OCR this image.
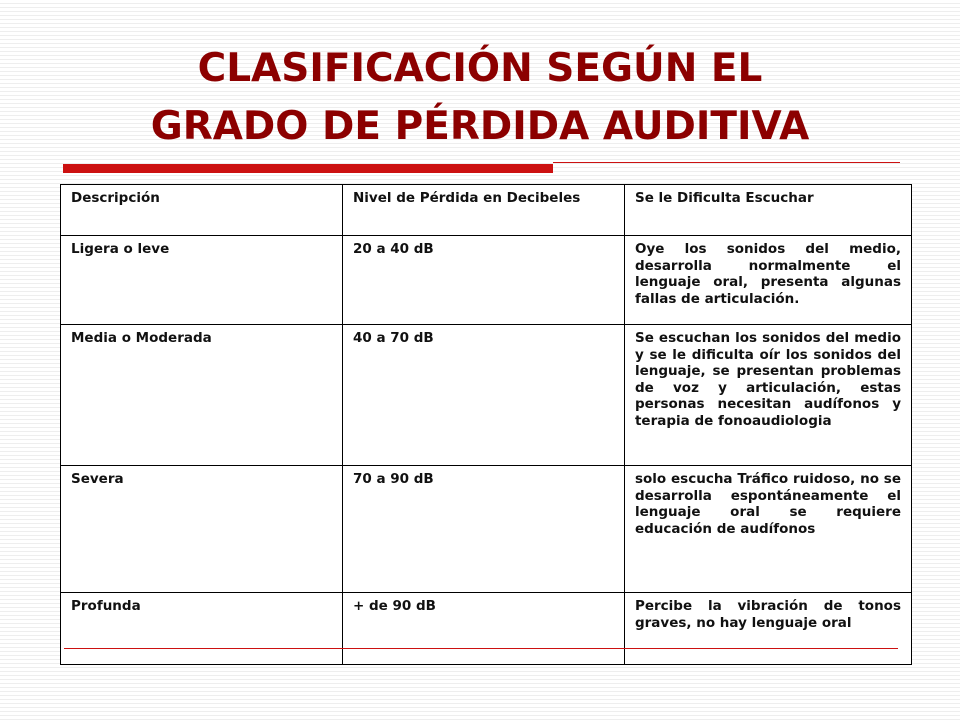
CLASIFICACIÓN SEGÚN EL
GRADO DE PÉRDIDA AUDITIVA
Descripción	Nivel de Pérdida en Decibeles	Se le Dificulta Escuchar
Ligera o leve	20 a 40 dB	Oye los sonidos del medio, desarrolla normalmente el lenguaje oral, presenta algunas fallas de articulación.
Media o Moderada	40 a 70 dB	Se escuchan los sonidos del medio y se le dificulta oír los sonidos del lenguaje, se presentan problemas de voz y articulación, estas personas necesitan audífonos y terapia de fonoaudiologia
Severa	70 a 90 dB	solo escucha Tráfico ruidoso, no se desarrolla espontáneamente el lenguaje oral se requiere educación de audífonos
Profunda	+ de 90 dB	Percibe la vibración de tonos graves, no hay lenguaje oral
